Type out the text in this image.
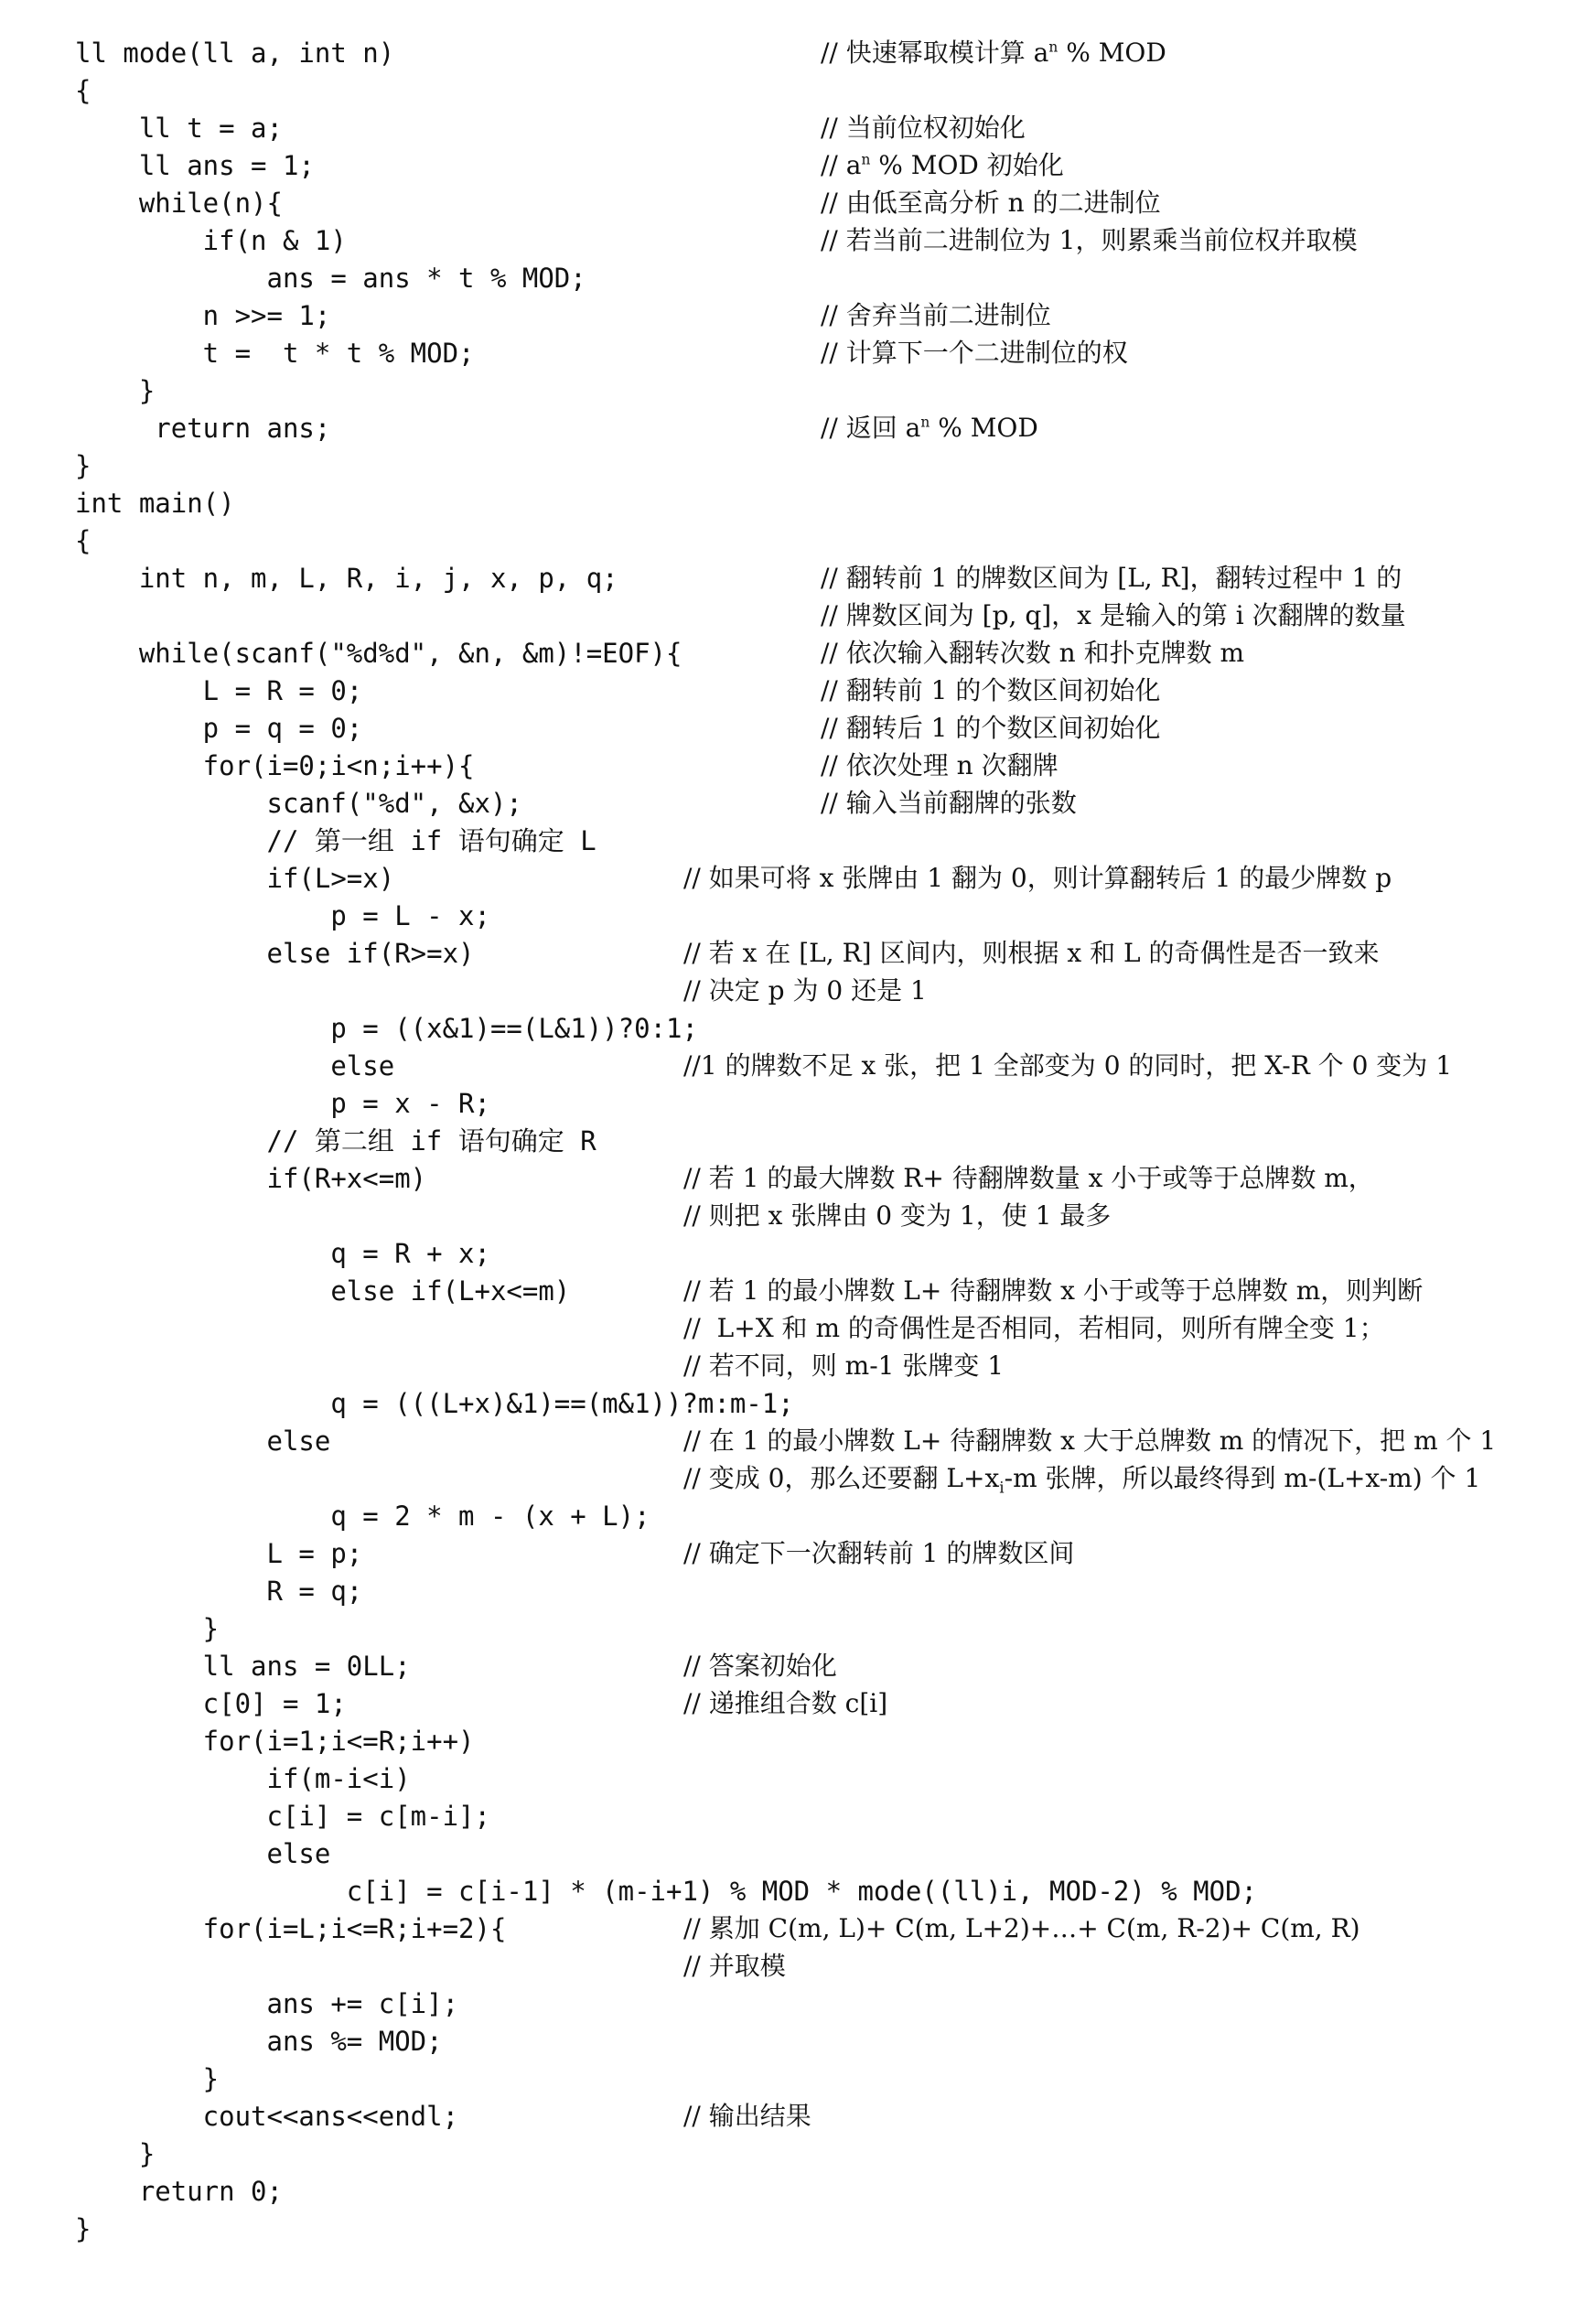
ll mode(ll a, int n)
{
ll t = a;
ll ans = 1;
while(n){
if(n & 1)
ans = ans * t % MOD;
n >>= 1;
t =  t * t % MOD;
}
return ans;
}
int main()
{
int n, m, L, R, i, j, x, p, q;
while(scanf("%d%d", &n, &m)!=EOF){
L = R = 0;
p = q = 0;
for(i=0;i<n;i++){
scanf("%d", &x);
// 第一组 if 语句确定 L
if(L>=x)
p = L - x;
else if(R>=x)
p = ((x&1)==(L&1))?0:1;
else
p = x - R;
// 第二组 if 语句确定 R
if(R+x<=m)
q = R + x;
else if(L+x<=m)
q = (((L+x)&1)==(m&1))?m:m-1;
else
q = 2 * m - (x + L);
L = p;
R = q;
}
ll ans = 0LL;
c[0] = 1;
for(i=1;i<=R;i++)
if(m-i<i)
c[i] = c[m-i];
else
c[i] = c[i-1] * (m-i+1) % MOD * mode((ll)i, MOD-2) % MOD;
for(i=L;i<=R;i+=2){
ans += c[i];
ans %= MOD;
}
cout<<ans<<endl;
}
return 0;
}
// 快速幂取模计算 $a^n$ % MOD
// 当前位权初始化
// $a^n$ % MOD 初始化
// 由低至高分析 n 的二进制位
// 若当前二进制位为 1，则累乘当前位权并取模
// 舍弃当前二进制位
// 计算下一个二进制位的权
// 返回 $a^n$ % MOD
// 翻转前 1 的牌数区间为 [L, R]，翻转过程中 1 的
// 牌数区间为 [p, q]，x 是输入的第 i 次翻牌的数量
// 依次输入翻转次数 n 和扑克牌数 m
// 翻转前 1 的个数区间初始化
// 翻转后 1 的个数区间初始化
// 依次处理 n 次翻牌
// 输入当前翻牌的张数
// 如果可将 x 张牌由 1 翻为 0，则计算翻转后 1 的最少牌数 p
// 若 x 在 [L, R] 区间内，则根据 x 和 L 的奇偶性是否一致来
// 决定 p 为 0 还是 1
//1 的牌数不足 x 张，把 1 全部变为 0 的同时，把 X-R 个 0 变为 1
// 若 1 的最大牌数 R+ 待翻牌数量 x 小于或等于总牌数 m，
// 则把 x 张牌由 0 变为 1，使 1 最多
// 若 1 的最小牌数 L+ 待翻牌数 x 小于或等于总牌数 m，则判断
//  L+X 和 m 的奇偶性是否相同，若相同，则所有牌全变 1；
// 若不同，则 m-1 张牌变 1
// 在 1 的最小牌数 L+ 待翻牌数 x 大于总牌数 m 的情况下，把 m 个 1
// 变成 0，那么还要翻 $L+x_i-m$ 张牌，所以最终得到 m-(L+x-m) 个 1
// 确定下一次翻转前 1 的牌数区间
// 答案初始化
// 递推组合数 c[i]
// 累加 C(m, L)+ C(m, L+2)+…+ C(m, R-2)+ C(m, R)
// 并取模
// 输出结果
